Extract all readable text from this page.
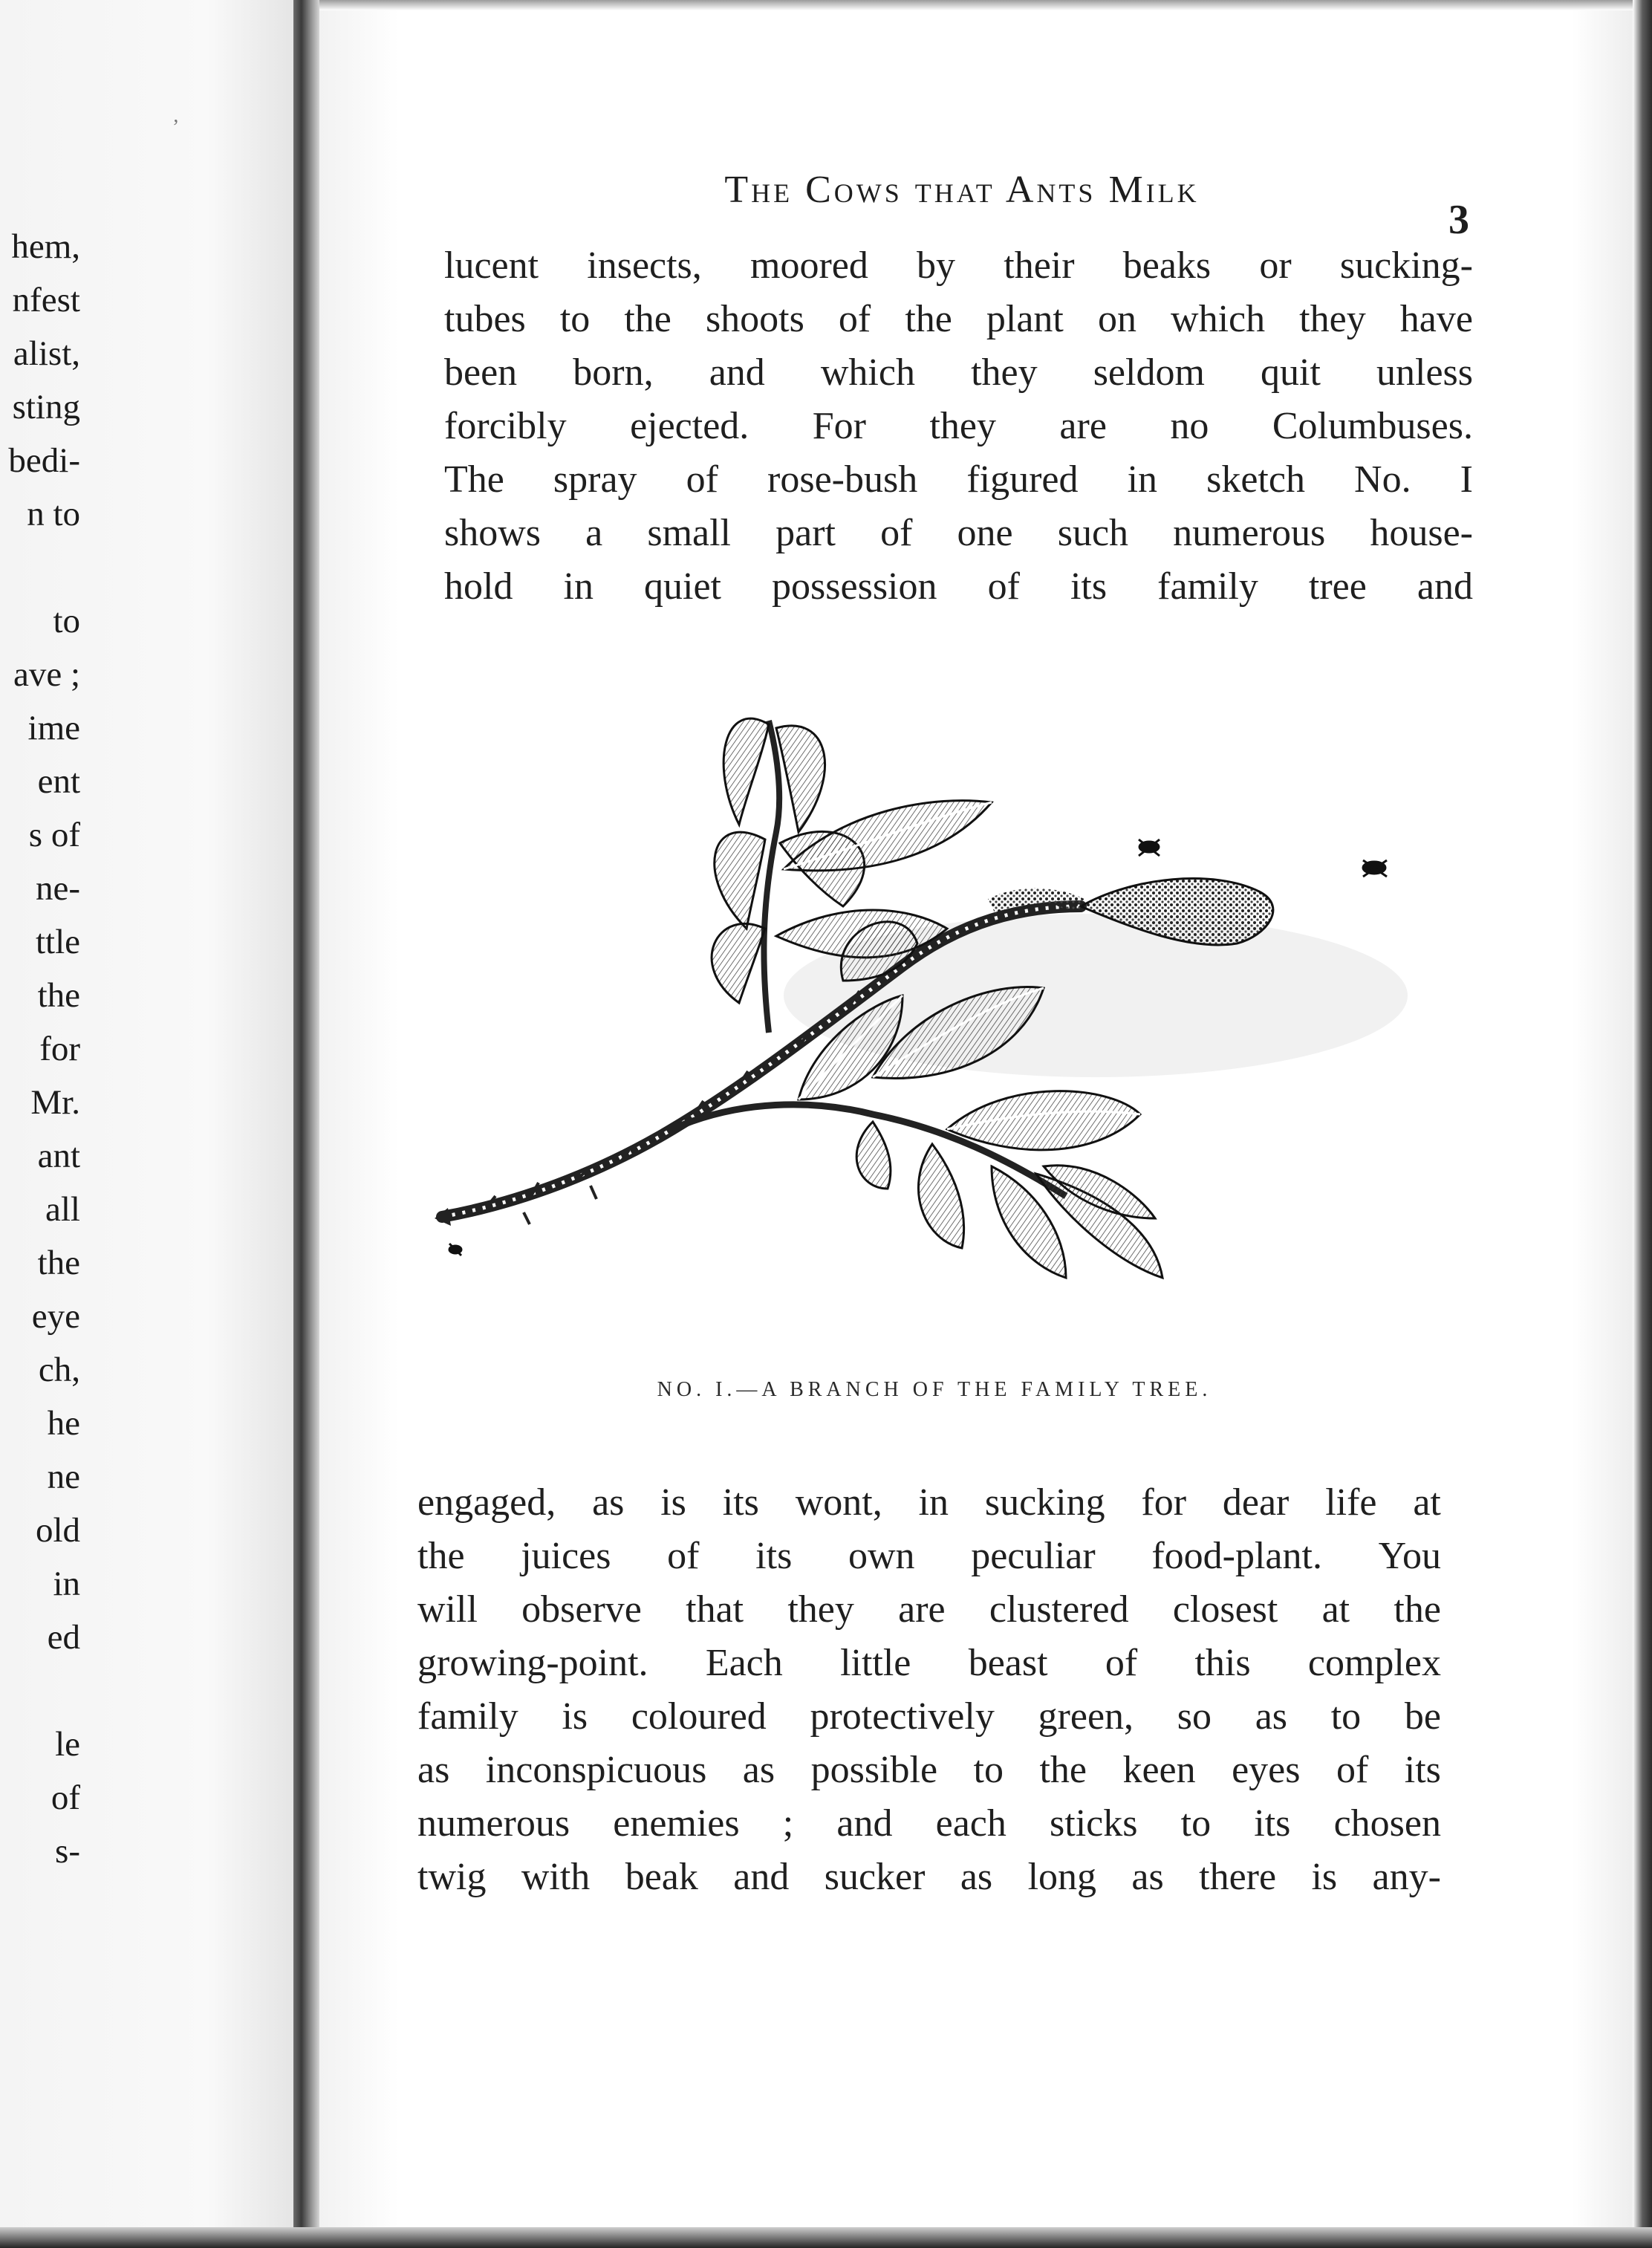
hem,
nfest
alist,
sting
bedi-
n to
to
ave ;
ime
ent
s of
ne-
ttle
the
for
Mr.
ant
all
the
eye
ch,
he
ne
old
in
ed
le
of
s-
‚
The Cows that Ants Milk
3
lucent insects, moored by their beaks or sucking-
tubes to the shoots of the plant on which they have
been born, and which they seldom quit unless
forcibly ejected. For they are no Columbuses.
The spray of rose-bush figured in sketch No. I
shows a small part of one such numerous house-
hold in quiet possession of its family tree and
NO. I.—A BRANCH OF THE FAMILY TREE.
engaged, as is its wont, in sucking for dear life at
the juices of its own peculiar food-plant. You
will observe that they are clustered closest at the
growing-point. Each little beast of this complex
family is coloured protectively green, so as to be
as inconspicuous as possible to the keen eyes of its
numerous enemies ; and each sticks to its chosen
twig with beak and sucker as long as there is any-
